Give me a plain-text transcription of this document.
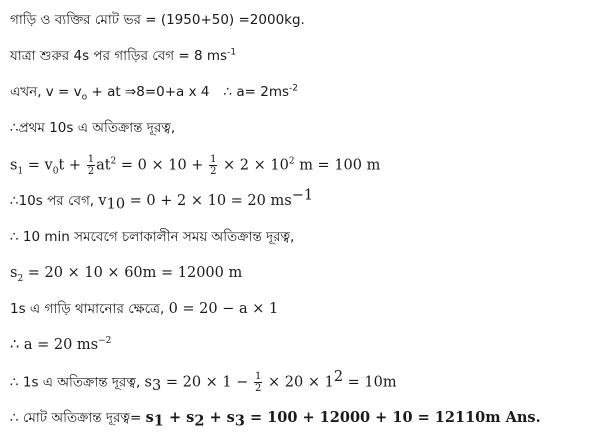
গাড়ি ও ব্যক্তির মোট ভর = (1950+50) =2000kg.
যাত্রা শুরুর 4s পর গাড়ির বেগ = 8 $ms^{-1}$
এখন, $v = v_o$ + at ⇒8=0+a x 4 ∴ $a= 2ms^{-2}$
∴প্রথম 10s এ অতিক্রান্ত দূরত্ব,
$s_1 = v_0t + \frac{1}{2} at^2 = 0 \times 10 + \frac{1}{2} \times 2 \times 10^2$ m = 100 m
∴10s পর বেগ, $v_{10} = 0 + 2 \times 10 = 20$ $ms^{-1}$
∴ 10 min সমবেগে চলাকালীন সময় অতিক্রান্ত দূরত্ব,
$s_2 = 20 \times 10 \times 60m = 12000$ m
1s এ গাড়ি থামানোর ক্ষেত্রে, 0 = 20 − a × 1
∴ a = 20 $ms^{-2}$
∴ 1s এ অতিক্রান্ত দূরত্ব, $s_3 = 20 \times 1 - \frac{1}{2} \times 20 \times 1^2 = 10m$
∴ মোট অতিক্রান্ত দূরত্ব= $s_1 + s_2 + s_3 = 100 + 12000 + 10 = 12110m$ Ans.
